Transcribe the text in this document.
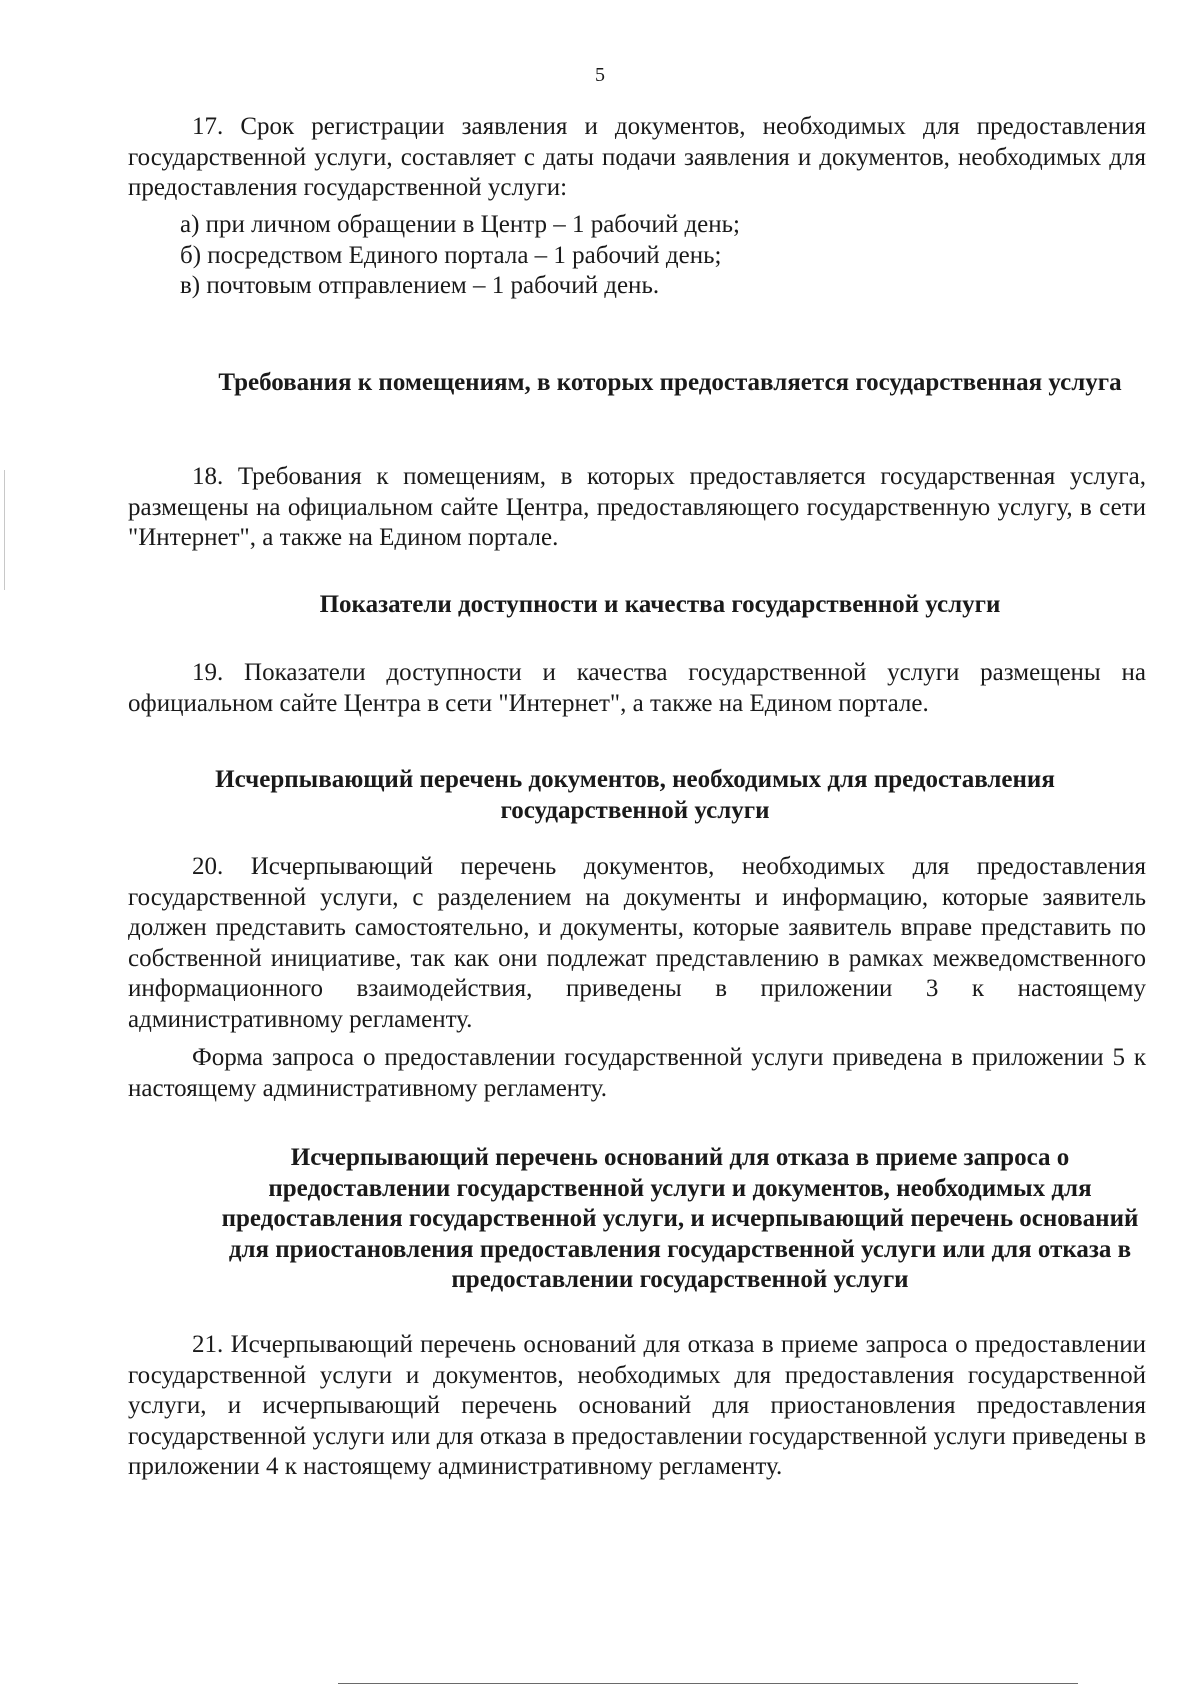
5

17. Срок регистрации заявления и документов, необходимых для предоставления государственной услуги, составляет с даты подачи заявления и документов, необходимых для предоставления государственной услуги:

а) при личном обращении в Центр – 1 рабочий день;
б) посредством Единого портала – 1 рабочий день;
в) почтовым отправлением – 1 рабочий день.
Требования к помещениям, в которых предоставляется государственная услуга

18. Требования к помещениям, в которых предоставляется государственная услуга, размещены на официальном сайте Центра, предоставляющего государственную услугу, в сети "Интернет", а также на Едином портале.

Показатели доступности и качества государственной услуги

19. Показатели доступности и качества государственной услуги размещены на официальном сайте Центра в сети "Интернет", а также на Едином портале.

Исчерпывающий перечень документов, необходимых для предоставления государственной услуги

20. Исчерпывающий перечень документов, необходимых для предоставления государственной услуги, с разделением на документы и информацию, которые заявитель должен представить самостоятельно, и документы, которые заявитель вправе представить по собственной инициативе, так как они подлежат представлению в рамках межведомственного информационного взаимодействия, приведены в приложении 3 к настоящему административному регламенту.

Форма запроса о предоставлении государственной услуги приведена в приложении 5 к настоящему административному регламенту.

Исчерпывающий перечень оснований для отказа в приеме запроса о предоставлении государственной услуги и документов, необходимых для предоставления государственной услуги, и исчерпывающий перечень оснований для приостановления предоставления государственной услуги или для отказа в предоставлении государственной услуги

21. Исчерпывающий перечень оснований для отказа в приеме запроса о предоставлении государственной услуги и документов, необходимых для предоставления государственной услуги, и исчерпывающий перечень оснований для приостановления предоставления государственной услуги или для отказа в предоставлении государственной услуги приведены в приложении 4 к настоящему административному регламенту.
